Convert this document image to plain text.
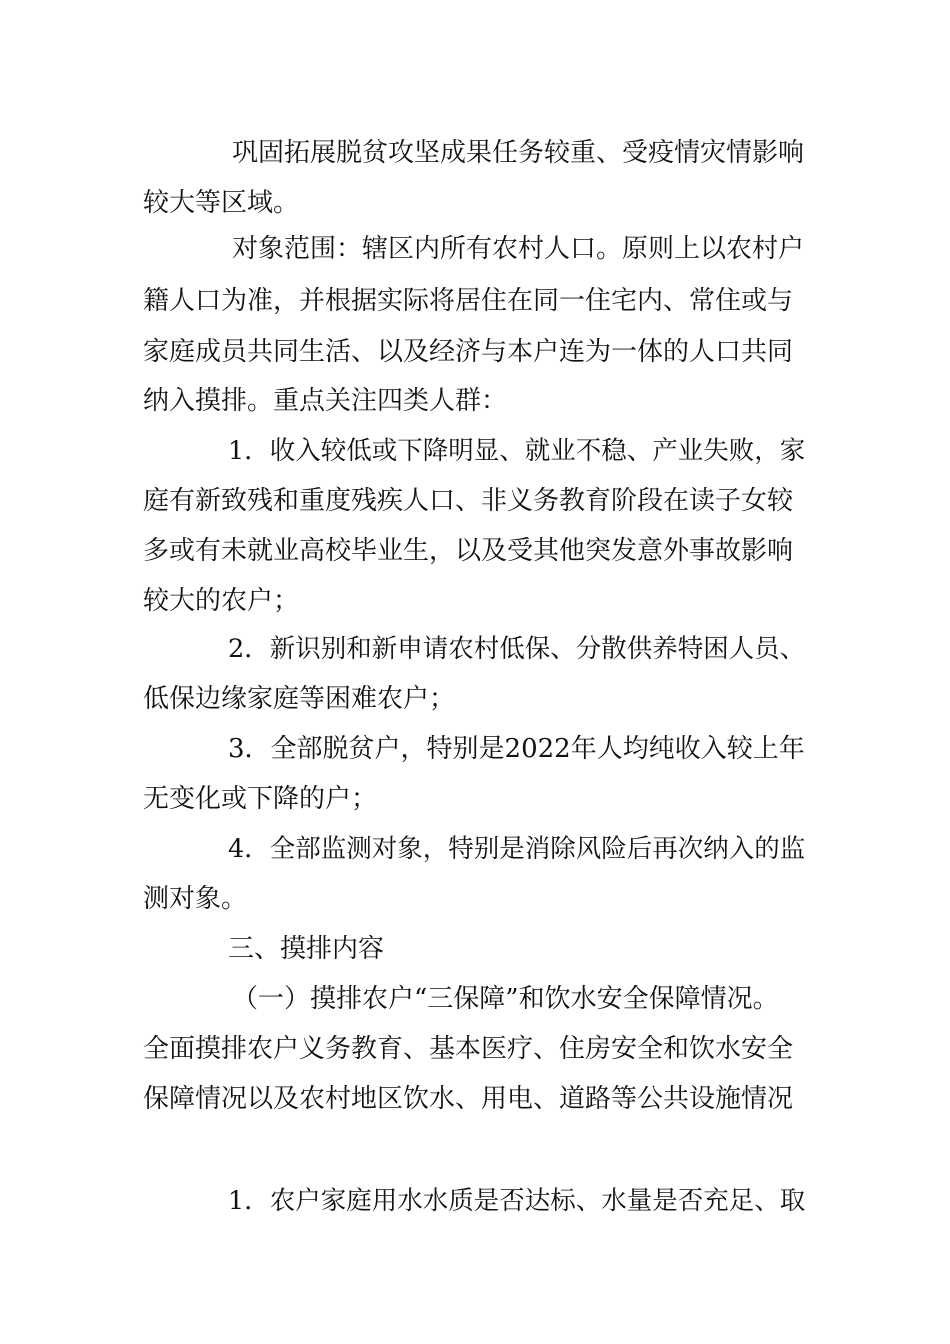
巩固拓展脱贫攻坚成果任务较重、受疫情灾情影响
较大等区域。
对象范围：辖区内所有农村人口。原则上以农村户
籍人口为准，并根据实际将居住在同一住宅内、常住或与
家庭成员共同生活、以及经济与本户连为一体的人口共同
纳入摸排。重点关注四类人群：
1．收入较低或下降明显、就业不稳、产业失败，家
庭有新致残和重度残疾人口、非义务教育阶段在读子女较
多或有未就业高校毕业生，以及受其他突发意外事故影响
较大的农户；
2．新识别和新申请农村低保、分散供养特困人员、
低保边缘家庭等困难农户；
3．全部脱贫户，特别是2022年人均纯收入较上年
无变化或下降的户；
4．全部监测对象，特别是消除风险后再次纳入的监
测对象。
三、摸排内容
（一）摸排农户“三保障”和饮水安全保障情况。
全面摸排农户义务教育、基本医疗、住房安全和饮水安全
保障情况以及农村地区饮水、用电、道路等公共设施情况
1．农户家庭用水水质是否达标、水量是否充足、取
